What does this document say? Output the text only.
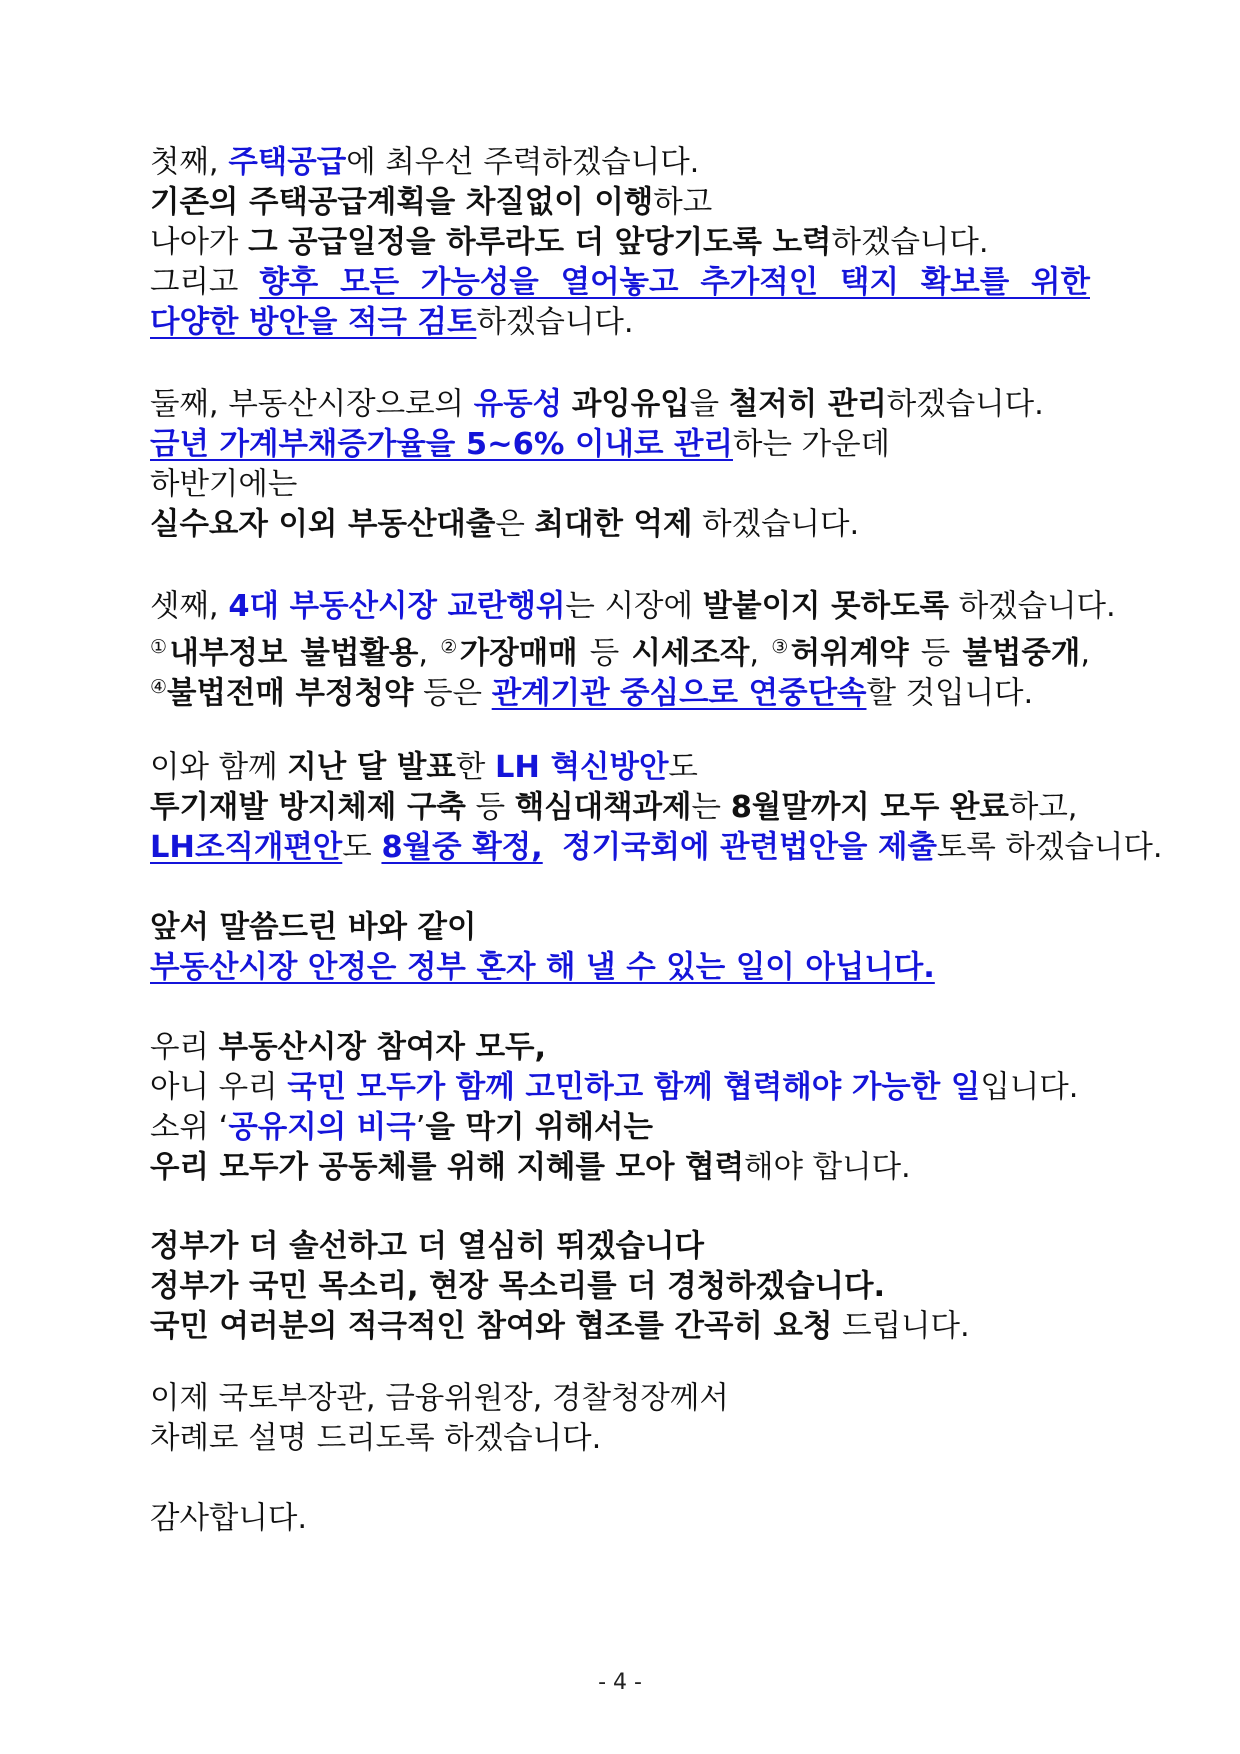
첫째, 주택공급에 최우선 주력하겠습니다.
기존의 주택공급계획을 차질없이 이행하고
나아가 그 공급일정을 하루라도 더 앞당기도록 노력하겠습니다.
그리고 향후 모든 가능성을 열어놓고 추가적인 택지 확보를 위한
다양한 방안을 적극 검토하겠습니다.
둘째, 부동산시장으로의 유동성 과잉유입을 철저히 관리하겠습니다.
금년 가계부채증가율을 5~6% 이내로 관리하는 가운데
하반기에는
실수요자 이외 부동산대출은 최대한 억제 하겠습니다.
셋째, 4대 부동산시장 교란행위는 시장에 발붙이지 못하도록 하겠습니다.
①내부정보 불법활용, ②가장매매 등 시세조작, ③허위계약 등 불법중개,
④불법전매 부정청약 등은 관계기관 중심으로 연중단속할 것입니다.
이와 함께 지난 달 발표한 LH 혁신방안도
투기재발 방지체제 구축 등 핵심대책과제는 8월말까지 모두 완료하고,
LH조직개편안도 8월중 확정, 정기국회에 관련법안을 제출토록 하겠습니다.
앞서 말씀드린 바와 같이
부동산시장 안정은 정부 혼자 해 낼 수 있는 일이 아닙니다.
우리 부동산시장 참여자 모두,
아니 우리 국민 모두가 함께 고민하고 함께 협력해야 가능한 일입니다.
소위 ‘공유지의 비극’을 막기 위해서는
우리 모두가 공동체를 위해 지혜를 모아 협력해야 합니다.
정부가 더 솔선하고 더 열심히 뛰겠습니다
정부가 국민 목소리, 현장 목소리를 더 경청하겠습니다.
국민 여러분의 적극적인 참여와 협조를 간곡히 요청 드립니다.
이제 국토부장관, 금융위원장, 경찰청장께서
차례로 설명 드리도록 하겠습니다.
감사합니다.
- 4 -
